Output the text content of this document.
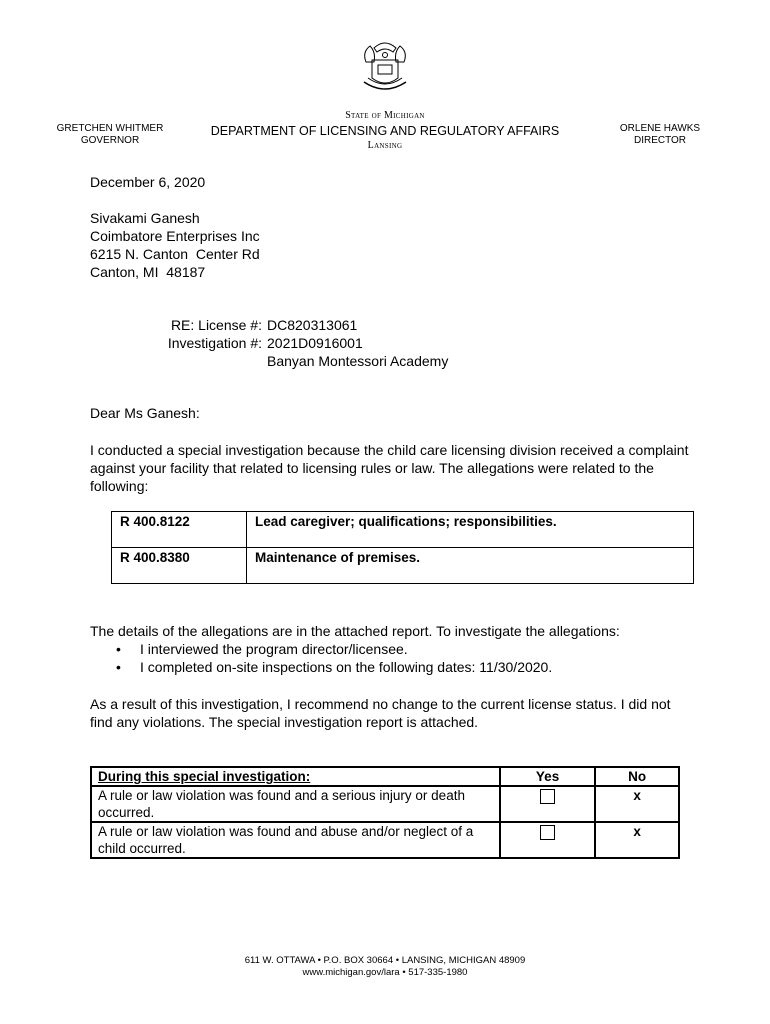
GRETCHEN WHITMER
GOVERNOR
State of Michigan
DEPARTMENT OF LICENSING AND REGULATORY AFFAIRS
Lansing
ORLENE HAWKS
DIRECTOR
December 6, 2020
Sivakami Ganesh
Coimbatore Enterprises Inc
6215 N. Canton  Center Rd
Canton, MI  48187
RE: License #: DC820313061
Investigation #: 2021D0916001
Banyan Montessori Academy
Dear Ms Ganesh:
I conducted a special investigation because the child care licensing division received a complaint against your facility that related to licensing rules or law. The allegations were related to the following:
R 400.8122	Lead caregiver; qualifications; responsibilities.
R 400.8380	Maintenance of premises.
The details of the allegations are in the attached report. To investigate the allegations:
• I interviewed the program director/licensee.
• I completed on-site inspections on the following dates: 11/30/2020.
As a result of this investigation, I recommend no change to the current license status. I did not find any violations. The special investigation report is attached.
During this special investigation:	Yes	No
A rule or law violation was found and a serious injury or death occurred.		x
A rule or law violation was found and abuse and/or neglect of a child occurred.		x
611 W. OTTAWA • P.O. BOX 30664 • LANSING, MICHIGAN 48909
www.michigan.gov/lara • 517-335-1980
